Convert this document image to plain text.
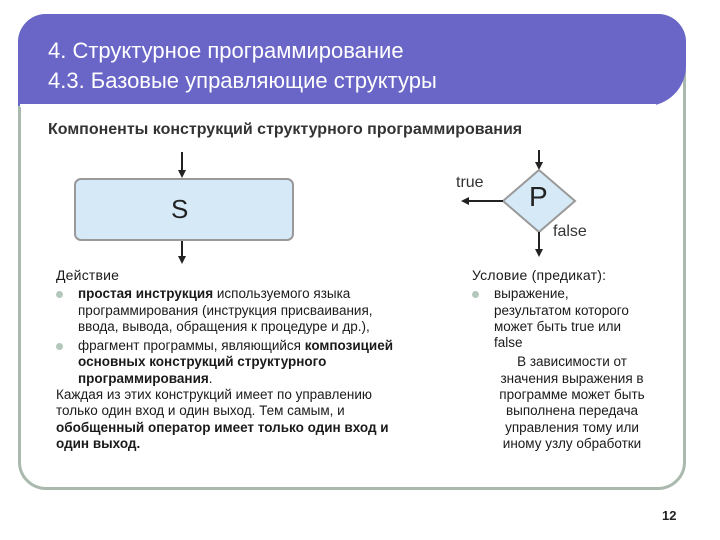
4. Структурное программирование
4.3. Базовые управляющие структуры
Компоненты конструкций структурного программирования
S	P
true
false
Действие
простая инструкция используемого языка
программирования (инструкция присваивания,
ввода, вывода, обращения к процедуре и др.),
фрагмент программы, являющийся композицией
основных конструкций структурного
программирования.
Каждая из этих конструкций имеет по управлению
только один вход и один выход. Тем самым, и
обобщенный оператор имеет только один вход и
один выход.
Условие (предикат):
выражение,
результатом которого
может быть true или
false
В зависимости от
значения выражения в
программе может быть
выполнена передача
управления тому или
иному узлу обработки
12
